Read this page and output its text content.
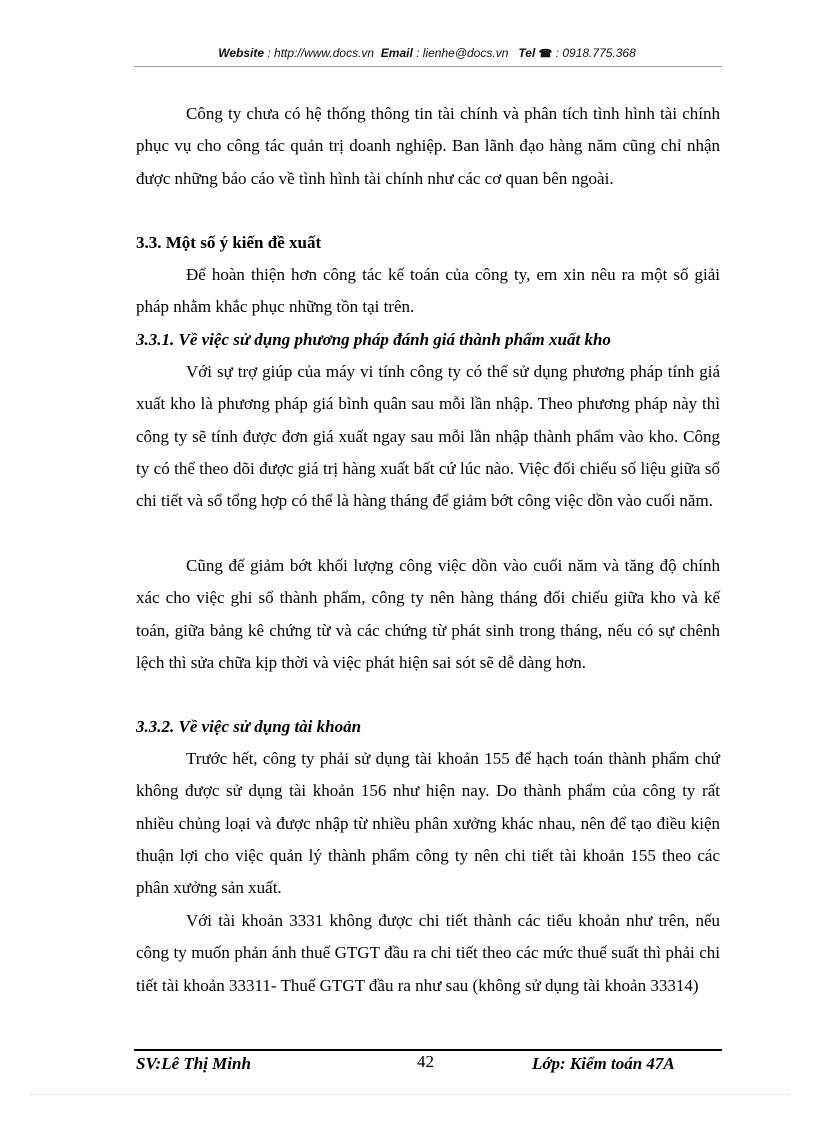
Website : http://www.docs.vn Email : lienhe@docs.vn Tel ☎ : 0918.775.368

Công ty chưa có hệ thống thông tin tài chính và phân tích tình hình tài chính phục vụ cho công tác quản trị doanh nghiệp. Ban lãnh đạo hàng năm cũng chỉ nhận được những báo cáo về tình hình tài chính như các cơ quan bên ngoài.

3.3. Một số ý kiến đề xuất

Để hoàn thiện hơn công tác kế toán của công ty, em xin nêu ra một số giải pháp nhằm khắc phục những tồn tại trên.

3.3.1. Về việc sử dụng phương pháp đánh giá thành phẩm xuất kho

Với sự trợ giúp của máy vi tính công ty có thể sử dụng phương pháp tính giá xuất kho là phương pháp giá bình quân sau mỗi lần nhập. Theo phương pháp này thì công ty sẽ tính được đơn giá xuất ngay sau mỗi lần nhập thành phẩm vào kho. Công ty có thể theo dõi được giá trị hàng xuất bất cứ lúc nào. Việc đối chiếu số liệu giữa sổ chi tiết và sổ tổng hợp có thể là hàng tháng để giảm bớt công việc dồn vào cuối năm.

Cũng để giảm bớt khối lượng công việc dồn vào cuối năm và tăng độ chính xác cho việc ghi sổ thành phẩm, công ty nên hàng tháng đối chiếu giữa kho và kế toán, giữa bảng kê chứng từ và các chứng từ phát sinh trong tháng, nếu có sự chênh lệch thì sửa chữa kịp thời và việc phát hiện sai sót sẽ dễ dàng hơn.

3.3.2. Về việc sử dụng tài khoản

Trước hết, công ty phải sử dụng tài khoản 155 để hạch toán thành phẩm chứ không được sử dụng tài khoản 156 như hiện nay. Do thành phẩm của công ty rất nhiều chủng loại và được nhập từ nhiều phân xưởng khác nhau, nên để tạo điều kiện thuận lợi cho việc quản lý thành phẩm công ty nên chi tiết tài khoản 155 theo các phân xưởng sản xuất.

Với tài khoản 3331 không được chi tiết thành các tiểu khoản như trên, nếu công ty muốn phản ánh thuế GTGT đầu ra chi tiết theo các mức thuế suất thì phải chi tiết tài khoản 33311- Thuế GTGT đầu ra như sau (không sử dụng tài khoản 33314)

SV:Lê Thị Minh	42	Lớp: Kiểm toán 47A
